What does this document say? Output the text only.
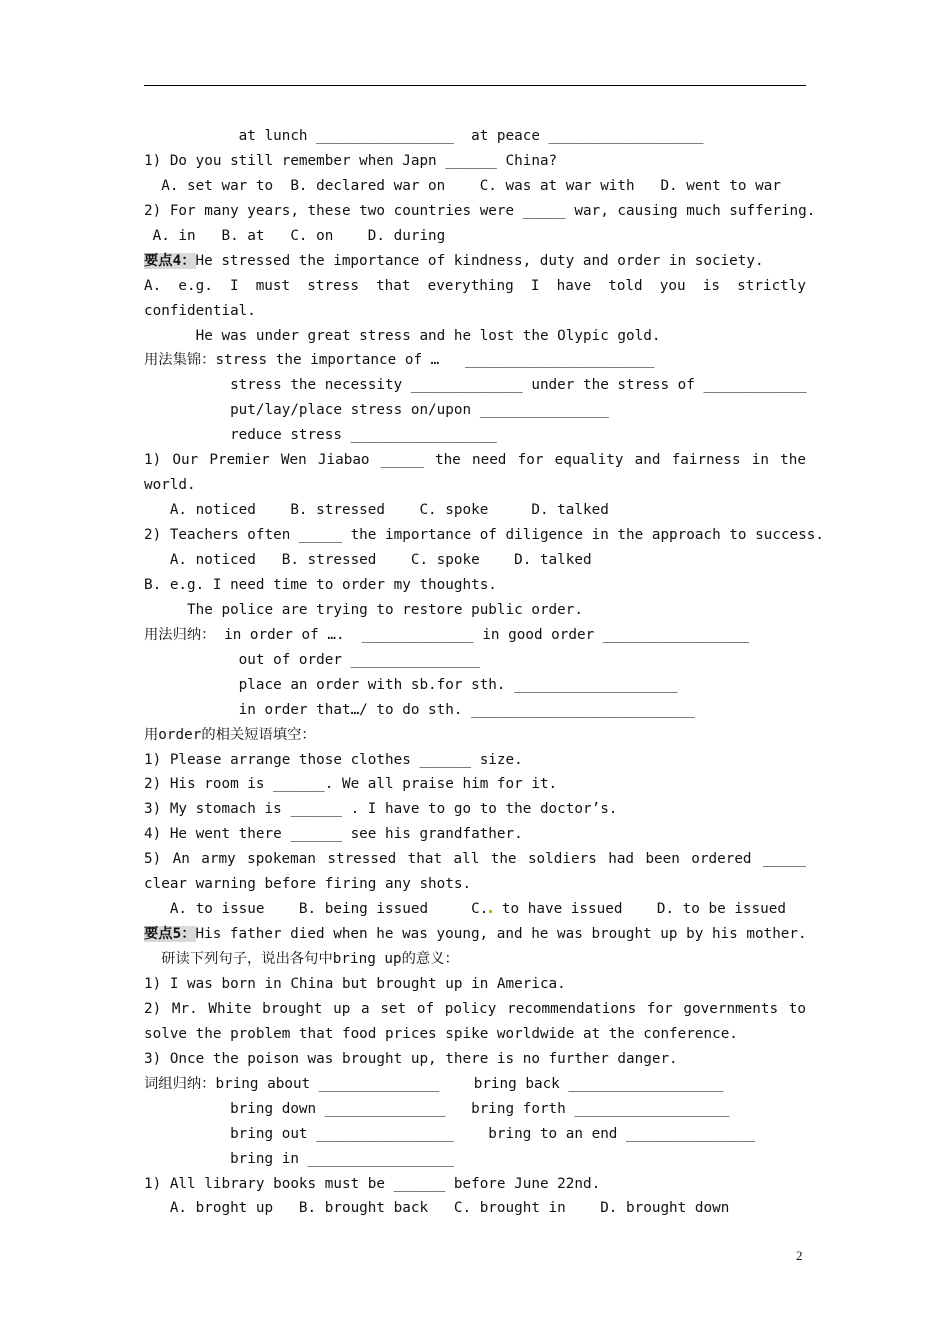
at lunch ________________  at peace __________________
1) Do you still remember when Japn ______ China?
A. set war to  B. declared war on    C. was at war with   D. went to war
2) For many years, these two countries were _____ war, causing much suffering.
A. in   B. at   C. on    D. during
要点4：He stressed the importance of kindness, duty and order in society.
A. e.g. I must stress that everything I have told you is strictly confidential.
He was under great stress and he lost the Olypic gold.
用法集锦：stress the importance of …   ______________________
stress the necessity _____________ under the stress of ____________
put/lay/place stress on/upon _______________
reduce stress _________________
1) Our Premier Wen Jiabao _____ the need for equality and fairness in the world.
A. noticed    B. stressed    C. spoke     D. talked
2) Teachers often _____ the importance of diligence in the approach to success.
A. noticed   B. stressed    C. spoke    D. talked
B. e.g. I need time to order my thoughts.
The police are trying to restore public order.
用法归纳： in order of ….  _____________ in good order _________________
out of order _______________
place an order with sb.for sth. ___________________
in order that…/ to do sth. __________________________
用order的相关短语填空：
1) Please arrange those clothes ______ size.
2) His room is ______. We all praise him for it.
3) My stomach is ______ . I have to go to the doctor’s.
4) He went there ______ see his grandfather.
5) An army spokeman stressed that all the soldiers had been ordered _____ clear warning before firing any shots.
A. to issue    B. being issued     C. to have issued    D. to be issued
要点5：His father died when he was young, and he was brought up by his mother.
研读下列句子，说出各句中bring up的意义：
1) I was born in China but brought up in America.
2) Mr. White brought up a set of policy recommendations for governments to solve the problem that food prices spike worldwide at the conference.
3) Once the poison was brought up, there is no further danger.
词组归纳：bring about ______________    bring back __________________
bring down ______________   bring forth __________________
bring out ________________    bring to an end _______________
bring in _________________
1) All library books must be ______ before June 22nd.
A. broght up   B. brought back   C. brought in    D. brought down
2
